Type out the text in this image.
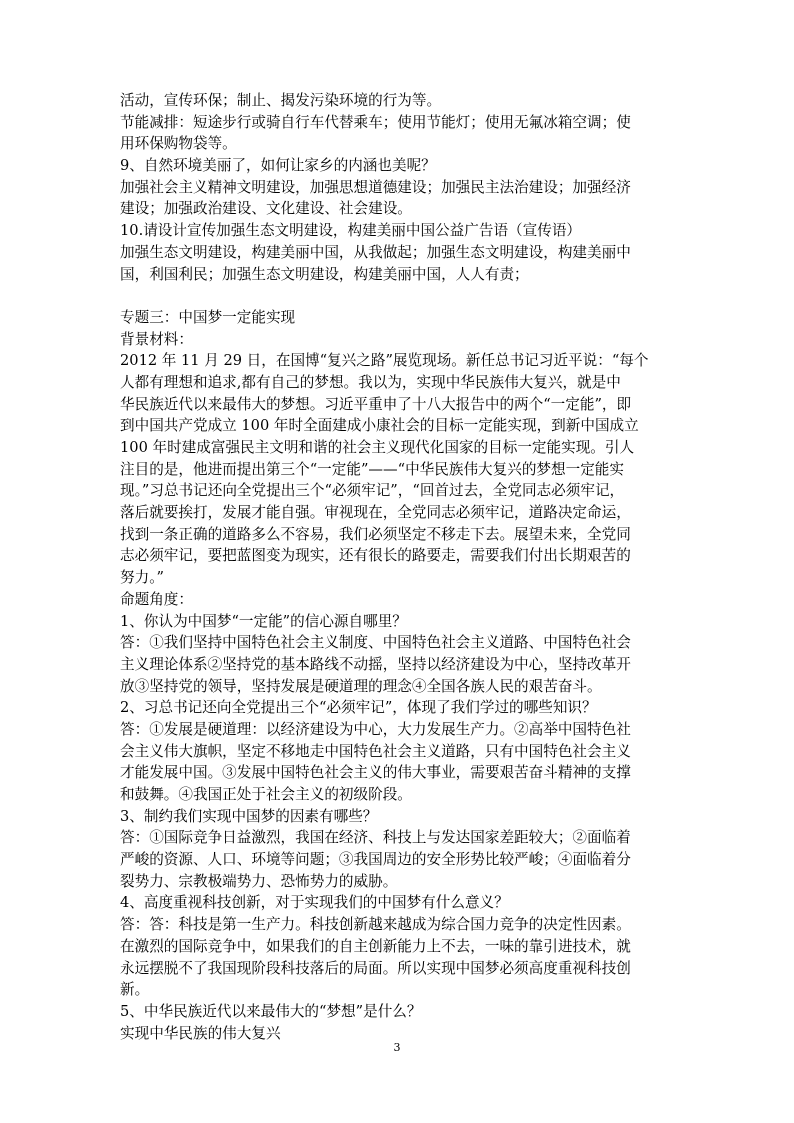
活动，宣传环保；制止、揭发污染环境的行为等。
节能减排：短途步行或骑自行车代替乘车；使用节能灯；使用无氟冰箱空调；使
用环保购物袋等。
9、自然环境美丽了，如何让家乡的内涵也美呢？
加强社会主义精神文明建设，加强思想道德建设；加强民主法治建设；加强经济
建设；加强政治建设、文化建设、社会建设。
10.请设计宣传加强生态文明建设，构建美丽中国公益广告语（宣传语）
加强生态文明建设，构建美丽中国，从我做起；加强生态文明建设，构建美丽中
国，利国利民；加强生态文明建设，构建美丽中国，人人有责；
专题三：中国梦一定能实现
背景材料：
2012 年 11 月 29 日，在国博“复兴之路”展览现场。新任总书记习近平说：“每个
人都有理想和追求,都有自己的梦想。我以为，实现中华民族伟大复兴，就是中
华民族近代以来最伟大的梦想。习近平重申了十八大报告中的两个“一定能”，即
到中国共产党成立 100 年时全面建成小康社会的目标一定能实现，到新中国成立
100 年时建成富强民主文明和谐的社会主义现代化国家的目标一定能实现。引人
注目的是，他进而提出第三个“一定能”——“中华民族伟大复兴的梦想一定能实
现。”习总书记还向全党提出三个“必须牢记”，“回首过去，全党同志必须牢记，
落后就要挨打，发展才能自强。审视现在，全党同志必须牢记，道路决定命运，
找到一条正确的道路多么不容易，我们必须坚定不移走下去。展望未来，全党同
志必须牢记，要把蓝图变为现实，还有很长的路要走，需要我们付出长期艰苦的
努力。”
命题角度：
1、你认为中国梦“一定能”的信心源自哪里？
答：①我们坚持中国特色社会主义制度、中国特色社会主义道路、中国特色社会
主义理论体系②坚持党的基本路线不动摇，坚持以经济建设为中心，坚持改革开
放③坚持党的领导，坚持发展是硬道理的理念④全国各族人民的艰苦奋斗。
2、习总书记还向全党提出三个“必须牢记”，体现了我们学过的哪些知识？
答：①发展是硬道理：以经济建设为中心，大力发展生产力。②高举中国特色社
会主义伟大旗帜，坚定不移地走中国特色社会主义道路，只有中国特色社会主义
才能发展中国。③发展中国特色社会主义的伟大事业，需要艰苦奋斗精神的支撑
和鼓舞。④我国正处于社会主义的初级阶段。
3、制约我们实现中国梦的因素有哪些？
答：①国际竞争日益激烈，我国在经济、科技上与发达国家差距较大；②面临着
严峻的资源、人口、环境等问题；③我国周边的安全形势比较严峻；④面临着分
裂势力、宗教极端势力、恐怖势力的威胁。
4、高度重视科技创新，对于实现我们的中国梦有什么意义？
答：答：科技是第一生产力。科技创新越来越成为综合国力竞争的决定性因素。
在激烈的国际竞争中，如果我们的自主创新能力上不去，一味的靠引进技术，就
永远摆脱不了我国现阶段科技落后的局面。所以实现中国梦必须高度重视科技创
新。
5、中华民族近代以来最伟大的“梦想”是什么？
实现中华民族的伟大复兴
3
